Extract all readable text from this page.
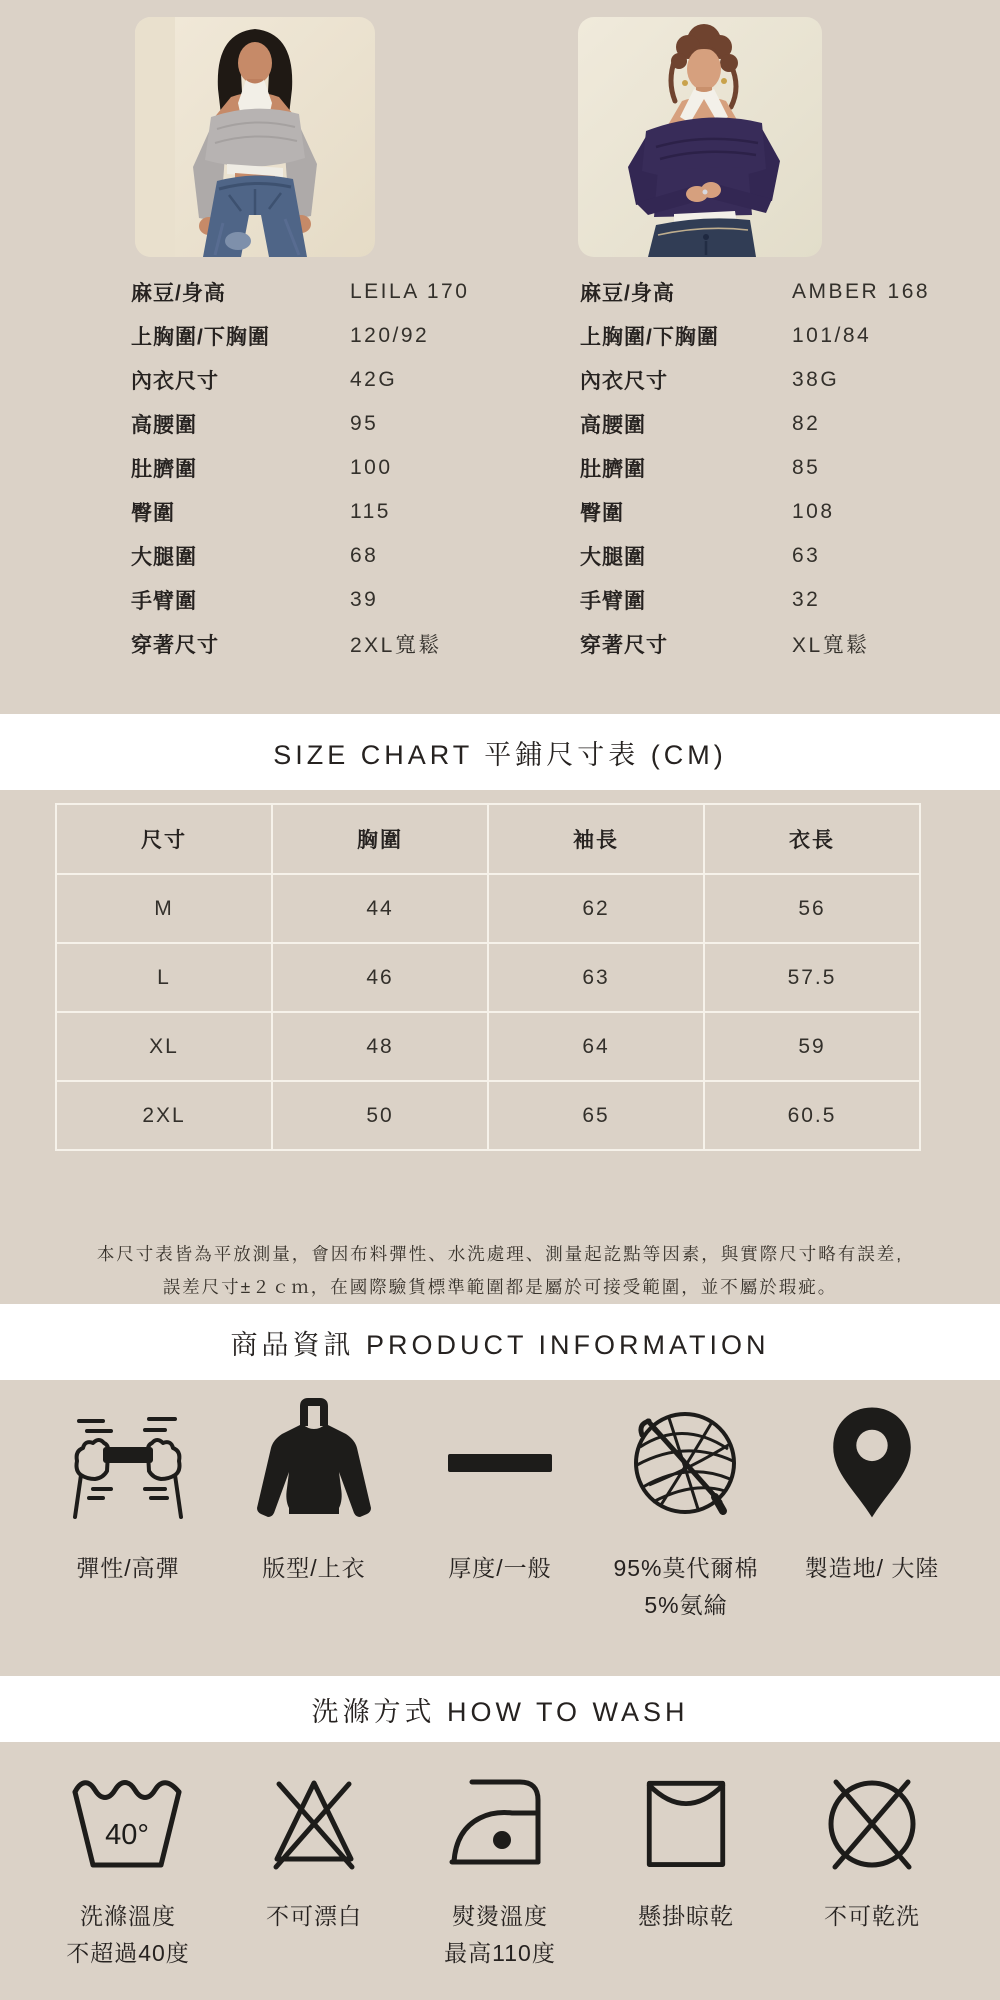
麻豆/身高	LEILA 170
上胸圍/下胸圍	120/92
內衣尺寸	42G
高腰圍	95
肚臍圍	100
臀圍	115
大腿圍	68
手臂圍	39
穿著尺寸	2XL寬鬆
麻豆/身高	AMBER 168
上胸圍/下胸圍	101/84
內衣尺寸	38G
高腰圍	82
肚臍圍	85
臀圍	108
大腿圍	63
手臂圍	32
穿著尺寸	XL寬鬆
SIZE CHART 平鋪尺寸表 (CM)
尺寸	胸圍	袖長	衣長
M	44	62	56
L	46	63	57.5
XL	48	64	59
2XL	50	65	60.5
本尺寸表皆為平放測量，會因布料彈性、水洗處理、測量起訖點等因素，與實際尺寸略有誤差,
誤差尺寸±２ｃｍ，在國際驗貨標準範圍都是屬於可接受範圍，並不屬於瑕疵。
商品資訊 PRODUCT INFORMATION
彈性/高彈	版型/上衣	厚度/一般	95%莫代爾棉
5%氨綸
製造地/ 大陸
洗滌方式 HOW TO WASH
40°
洗滌溫度
不超過40度
不可漂白	熨燙溫度
最高110度
懸掛晾乾	不可乾洗
